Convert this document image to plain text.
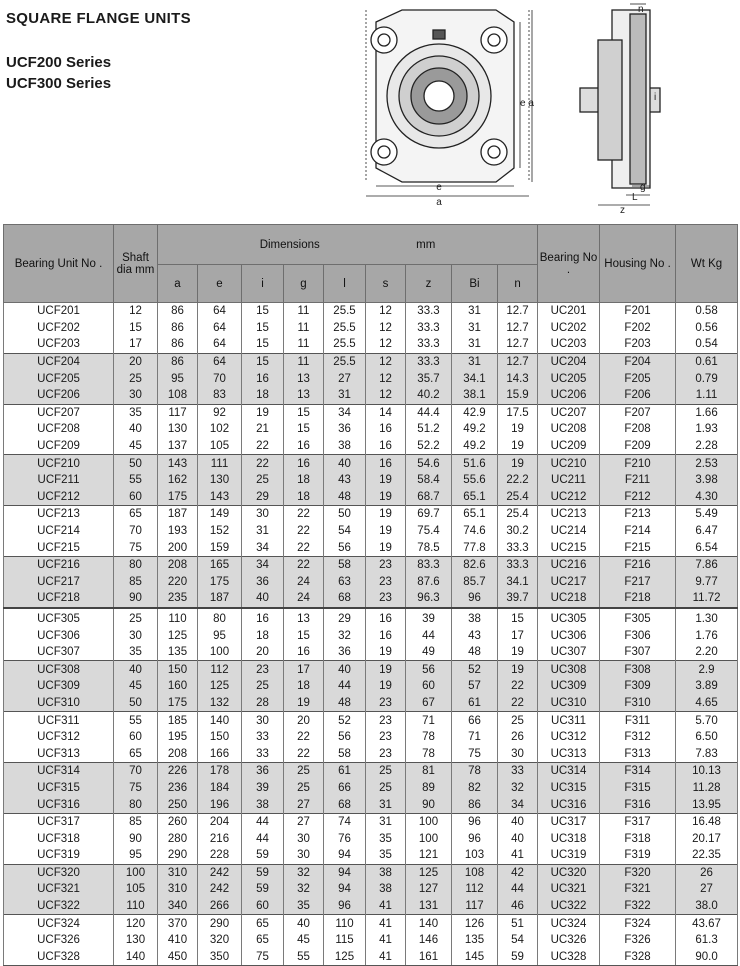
SQUARE FLANGE UNITS
UCF200 Series
UCF300 Series
e
a
e a
n
i
g
L
z
Bearing Unit No .	Shaft dia mm	Dimensions mm									Bearing No .	Housing No .	Wt Kg
		a	e	i	g	l	s	z	Bi	n			
UCF201	12	86	64	15	11	25.5	12	33.3	31	12.7	UC201	F201	0.58
UCF202	15	86	64	15	11	25.5	12	33.3	31	12.7	UC202	F202	0.56
UCF203	17	86	64	15	11	25.5	12	33.3	31	12.7	UC203	F203	0.54
UCF204	20	86	64	15	11	25.5	12	33.3	31	12.7	UC204	F204	0.61
UCF205	25	95	70	16	13	27	12	35.7	34.1	14.3	UC205	F205	0.79
UCF206	30	108	83	18	13	31	12	40.2	38.1	15.9	UC206	F206	1.11
UCF207	35	117	92	19	15	34	14	44.4	42.9	17.5	UC207	F207	1.66
UCF208	40	130	102	21	15	36	16	51.2	49.2	19	UC208	F208	1.93
UCF209	45	137	105	22	16	38	16	52.2	49.2	19	UC209	F209	2.28
UCF210	50	143	111	22	16	40	16	54.6	51.6	19	UC210	F210	2.53
UCF211	55	162	130	25	18	43	19	58.4	55.6	22.2	UC211	F211	3.98
UCF212	60	175	143	29	18	48	19	68.7	65.1	25.4	UC212	F212	4.30
UCF213	65	187	149	30	22	50	19	69.7	65.1	25.4	UC213	F213	5.49
UCF214	70	193	152	31	22	54	19	75.4	74.6	30.2	UC214	F214	6.47
UCF215	75	200	159	34	22	56	19	78.5	77.8	33.3	UC215	F215	6.54
UCF216	80	208	165	34	22	58	23	83.3	82.6	33.3	UC216	F216	7.86
UCF217	85	220	175	36	24	63	23	87.6	85.7	34.1	UC217	F217	9.77
UCF218	90	235	187	40	24	68	23	96.3	96	39.7	UC218	F218	11.72
UCF305	25	110	80	16	13	29	16	39	38	15	UC305	F305	1.30
UCF306	30	125	95	18	15	32	16	44	43	17	UC306	F306	1.76
UCF307	35	135	100	20	16	36	19	49	48	19	UC307	F307	2.20
UCF308	40	150	112	23	17	40	19	56	52	19	UC308	F308	2.9
UCF309	45	160	125	25	18	44	19	60	57	22	UC309	F309	3.89
UCF310	50	175	132	28	19	48	23	67	61	22	UC310	F310	4.65
UCF311	55	185	140	30	20	52	23	71	66	25	UC311	F311	5.70
UCF312	60	195	150	33	22	56	23	78	71	26	UC312	F312	6.50
UCF313	65	208	166	33	22	58	23	78	75	30	UC313	F313	7.83
UCF314	70	226	178	36	25	61	25	81	78	33	UC314	F314	10.13
UCF315	75	236	184	39	25	66	25	89	82	32	UC315	F315	11.28
UCF316	80	250	196	38	27	68	31	90	86	34	UC316	F316	13.95
UCF317	85	260	204	44	27	74	31	100	96	40	UC317	F317	16.48
UCF318	90	280	216	44	30	76	35	100	96	40	UC318	F318	20.17
UCF319	95	290	228	59	30	94	35	121	103	41	UC319	F319	22.35
UCF320	100	310	242	59	32	94	38	125	108	42	UC320	F320	26
UCF321	105	310	242	59	32	94	38	127	112	44	UC321	F321	27
UCF322	110	340	266	60	35	96	41	131	117	46	UC322	F322	38.0
UCF324	120	370	290	65	40	110	41	140	126	51	UC324	F324	43.67
UCF326	130	410	320	65	45	115	41	146	135	54	UC326	F326	61.3
UCF328	140	450	350	75	55	125	41	161	145	59	UC328	F328	90.0
